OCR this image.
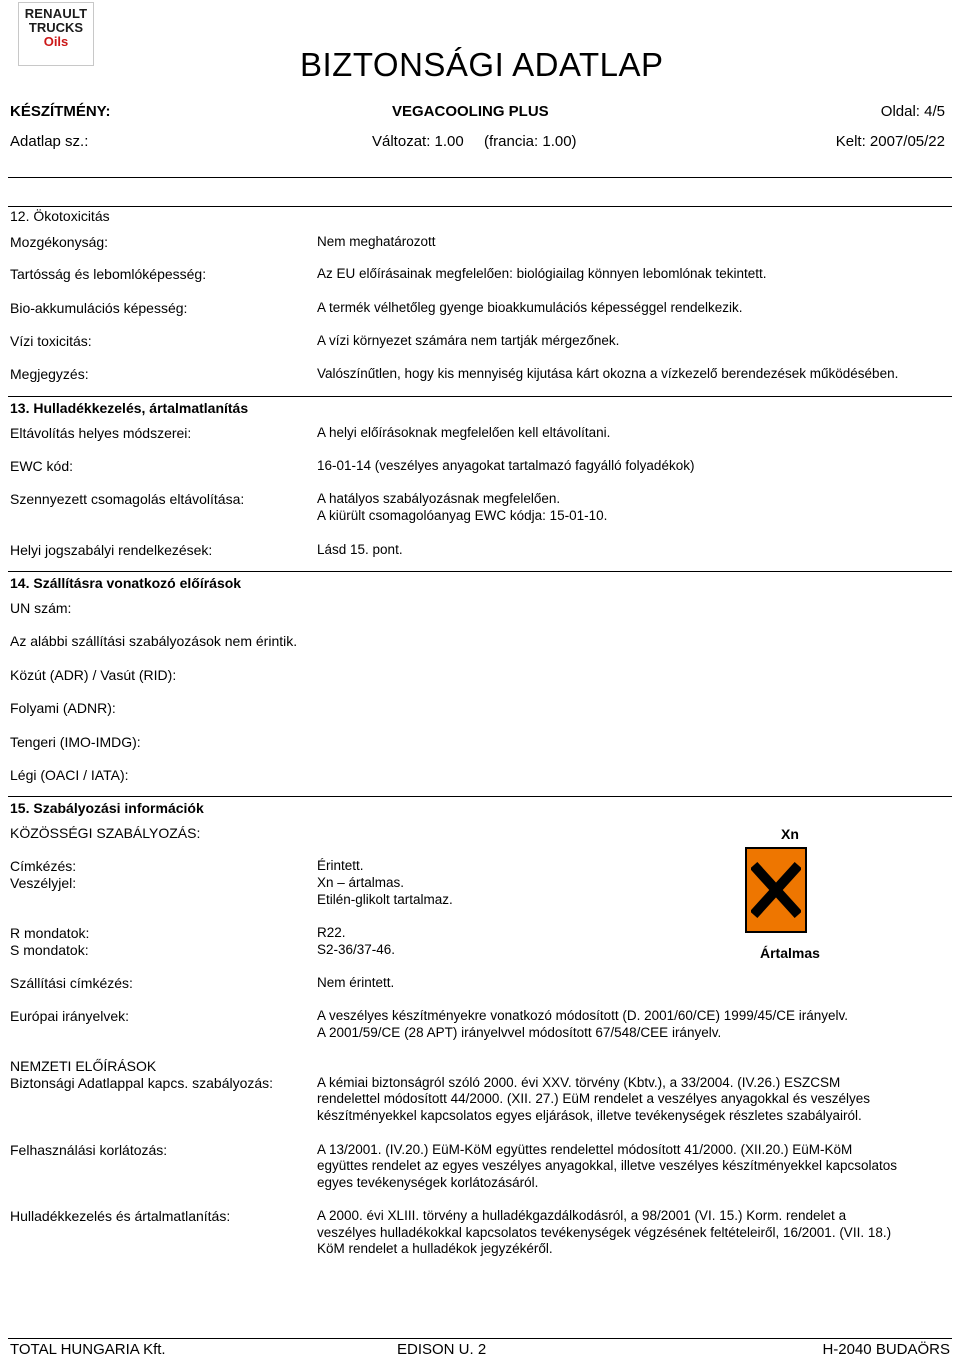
RENAULT
TRUCKS
Oils
BIZTONSÁGI ADATLAP
KÉSZÍTMÉNY:	VEGACOOLING PLUS	Oldal: 4/5
Adatlap sz.:	Változat: 1.00 (francia: 1.00)	Kelt: 2007/05/22
12. Ökotoxicitás
Mozgékonyság:	Nem meghatározott
Tartósság és lebomlóképesség:	Az EU előírásainak megfelelően: biológiailag könnyen lebomlónak tekintett.
Bio-akkumulációs képesség:	A termék vélhetőleg gyenge bioakkumulációs képességgel rendelkezik.
Vízi toxicitás:	A vízi környezet számára nem tartják mérgezőnek.
Megjegyzés:	Valószínűtlen, hogy kis mennyiség kijutása kárt okozna a vízkezelő berendezések működésében.
13. Hulladékkezelés, ártalmatlanítás
Eltávolítás helyes módszerei:	A helyi előírásoknak megfelelően kell eltávolítani.
EWC kód:	16-01-14 (veszélyes anyagokat tartalmazó fagyálló folyadékok)
Szennyezett csomagolás eltávolítása:	A hatályos szabályozásnak megfelelően.
A kiürült csomagolóanyag EWC kódja: 15-01-10.
Helyi jogszabályi rendelkezések:	Lásd 15. pont.
14. Szállításra vonatkozó előírások
UN szám:
Az alábbi szállítási szabályozások nem érintik.
Közút (ADR) / Vasút (RID):
Folyami (ADNR):
Tengeri (IMO-IMDG):
Légi (OACI / IATA):
15. Szabályozási információk
KÖZÖSSÉGI SZABÁLYOZÁS:	Xn
Ártalmas
Címkézés:	Érintett.
Veszélyjel:	Xn – ártalmas.
Etilén-glikolt tartalmaz.
R mondatok:	R22.
S mondatok:	S2-36/37-46.
Szállítási címkézés:	Nem érintett.
Európai irányelvek:	A veszélyes készítményekre vonatkozó módosított (D. 2001/60/CE) 1999/45/CE irányelv.
A 2001/59/CE (28 APT) irányelvvel módosított 67/548/CEE irányelv.
NEMZETI ELŐÍRÁSOK
Biztonsági Adatlappal kapcs. szabályozás:	A kémiai biztonságról szóló 2000. évi XXV. törvény (Kbtv.), a 33/2004. (IV.26.) ESZCSM
rendelettel módosított 44/2000. (XII. 27.) EüM rendelet a veszélyes anyagokkal és veszélyes
készítményekkel kapcsolatos egyes eljárások, illetve tevékenységek részletes szabályairól.
Felhasználási korlátozás:	A 13/2001. (IV.20.) EüM-KöM együttes rendelettel módosított 41/2000. (XII.20.) EüM-KöM
együttes rendelet az egyes veszélyes anyagokkal, illetve veszélyes készítményekkel kapcsolatos
egyes tevékenységek korlátozásáról.
Hulladékkezelés és ártalmatlanítás:	A 2000. évi XLIII. törvény a hulladékgazdálkodásról, a 98/2001 (VI. 15.) Korm. rendelet a
veszélyes hulladékokkal kapcsolatos tevékenységek végzésének feltételeiről, 16/2001. (VII. 18.)
KöM rendelet a hulladékok jegyzékéről.
TOTAL HUNGARIA Kft.	EDISON U. 2	H-2040 BUDAÖRS
